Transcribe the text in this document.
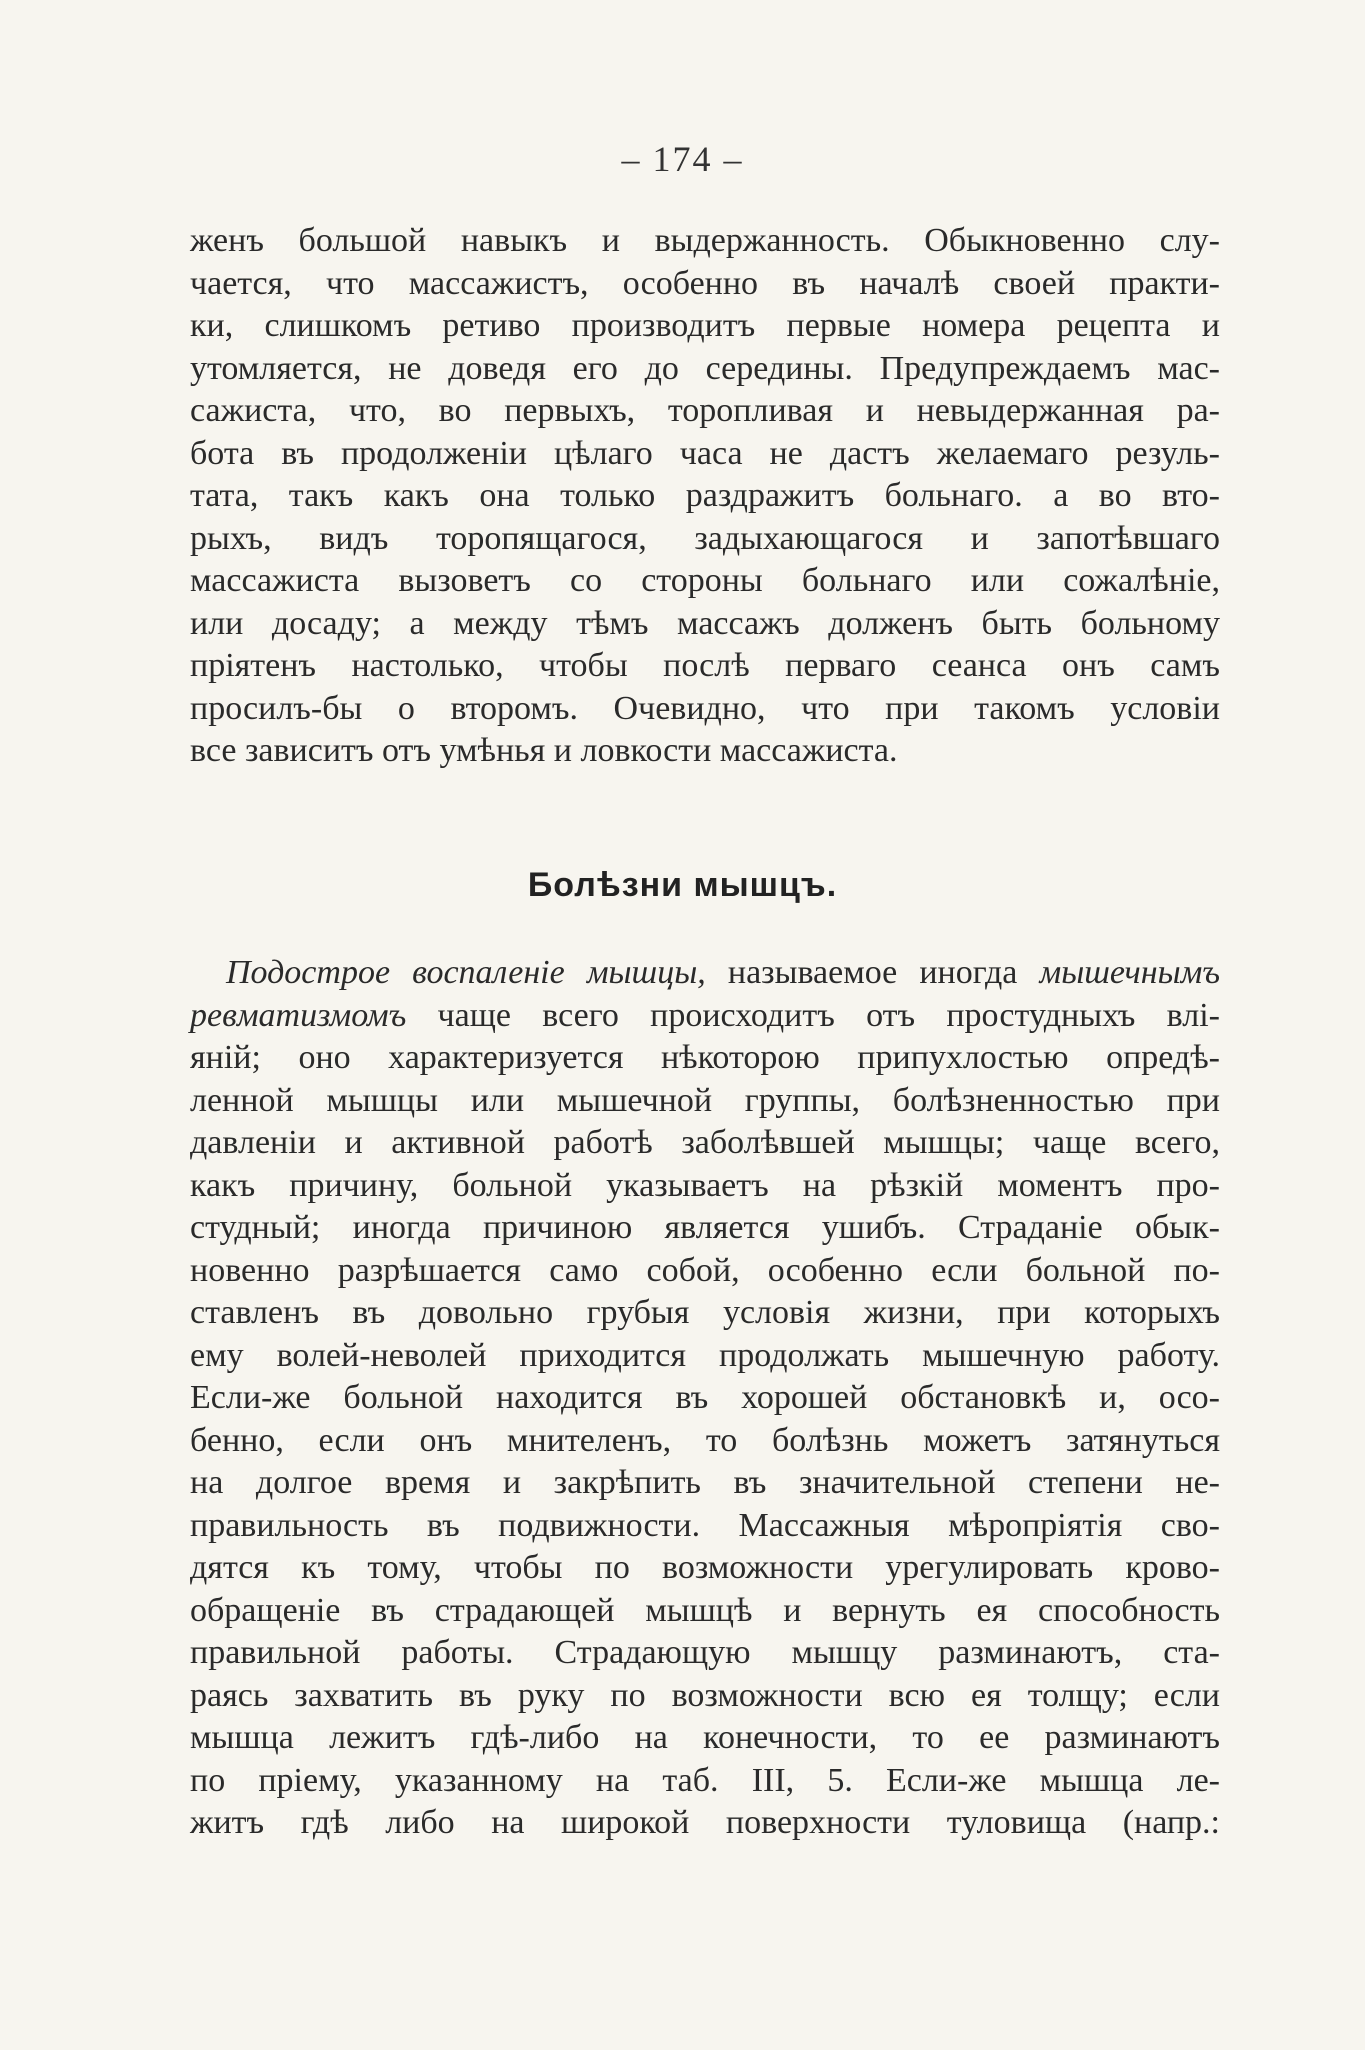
– 174 –
женъ большой навыкъ и выдержанность. Обыкновенно слу-
чается, что массажистъ, особенно въ началѣ своей практи-
ки, слишкомъ ретиво производитъ первые номера рецепта и
утомляется, не доведя его до середины. Предупреждаемъ мас-
сажиста, что, во первыхъ, торопливая и невыдержанная ра-
бота въ продолженіи цѣлаго часа не дастъ желаемаго резуль-
тата, такъ какъ она только раздражитъ больнаго. а во вто-
рыхъ, видъ торопящагося, задыхающагося и запотѣвшаго
массажиста вызоветъ со стороны больнаго или сожалѣніе,
или досаду; а между тѣмъ массажъ долженъ быть больному
пріятенъ настолько, чтобы послѣ перваго сеанса онъ самъ
просилъ-бы о второмъ. Очевидно, что при такомъ условіи
все зависитъ отъ умѣнья и ловкости массажиста.
Болѣзни мышцъ.
Подострое воспаленіе мышцы, называемое иногда мышечнымъ
ревматизмомъ чаще всего происходитъ отъ простудныхъ влі-
яній; оно характеризуется нѣкоторою припухлостью опредѣ-
ленной мышцы или мышечной группы, болѣзненностью при
давленіи и активной работѣ заболѣвшей мышцы; чаще всего,
какъ причину, больной указываетъ на рѣзкій моментъ про-
студный; иногда причиною является ушибъ. Страданіе обык-
новенно разрѣшается само собой, особенно если больной по-
ставленъ въ довольно грубыя условія жизни, при которыхъ
ему волей-неволей приходится продолжать мышечную работу.
Если-же больной находится въ хорошей обстановкѣ и, осо-
бенно, если онъ мнителенъ, то болѣзнь можетъ затянуться
на долгое время и закрѣпить въ значительной степени не-
правильность въ подвижности. Массажныя мѣропріятія сво-
дятся къ тому, чтобы по возможности урегулировать крово-
обращеніе въ страдающей мышцѣ и вернуть ея способность
правильной работы. Страдающую мышцу разминаютъ, ста-
раясь захватить въ руку по возможности всю ея толщу; если
мышца лежитъ гдѣ-либо на конечности, то ее разминаютъ
по пріему, указанному на таб. III, 5. Если-же мышца ле-
житъ гдѣ либо на широкой поверхности туловища (напр.:
